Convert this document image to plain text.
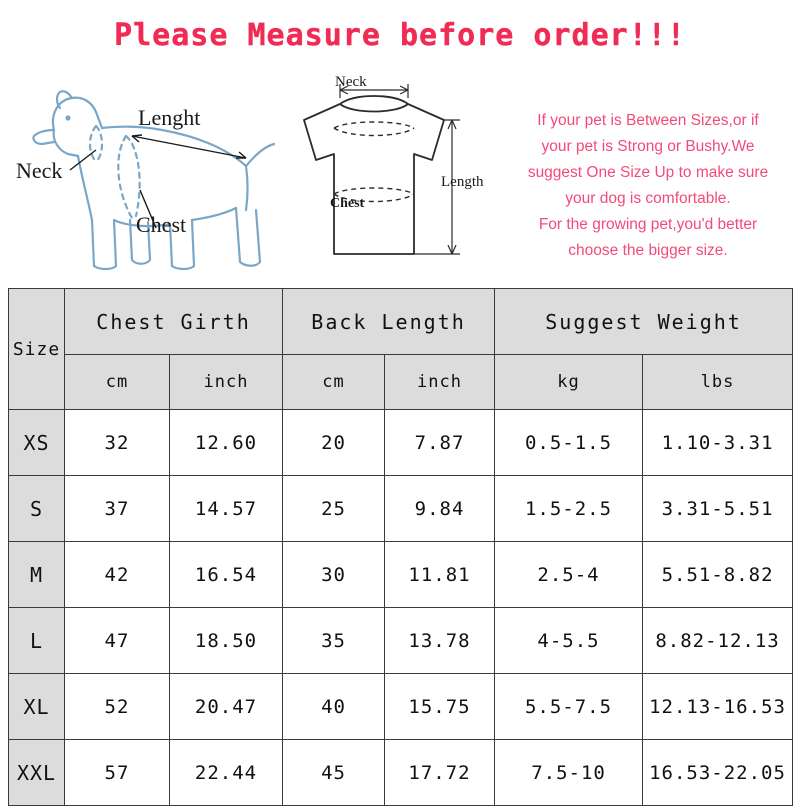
Please Measure before order!!!
Neck
Lenght
Chest
Neck
Chest
Length
If your pet is Between Sizes,or if
your pet is Strong or Bushy.We
suggest One Size Up to make sure
your dog is comfortable.
For the growing pet,you'd better
choose the bigger size.
Size	Chest Girth		Back Length		Suggest Weight	
	cm	inch	cm	inch	kg	lbs
XS	32	12.60	20	7.87	0.5-1.5	1.10-3.31
S	37	14.57	25	9.84	1.5-2.5	3.31-5.51
M	42	16.54	30	11.81	2.5-4	5.51-8.82
L	47	18.50	35	13.78	4-5.5	8.82-12.13
XL	52	20.47	40	15.75	5.5-7.5	12.13-16.53
XXL	57	22.44	45	17.72	7.5-10	16.53-22.05
